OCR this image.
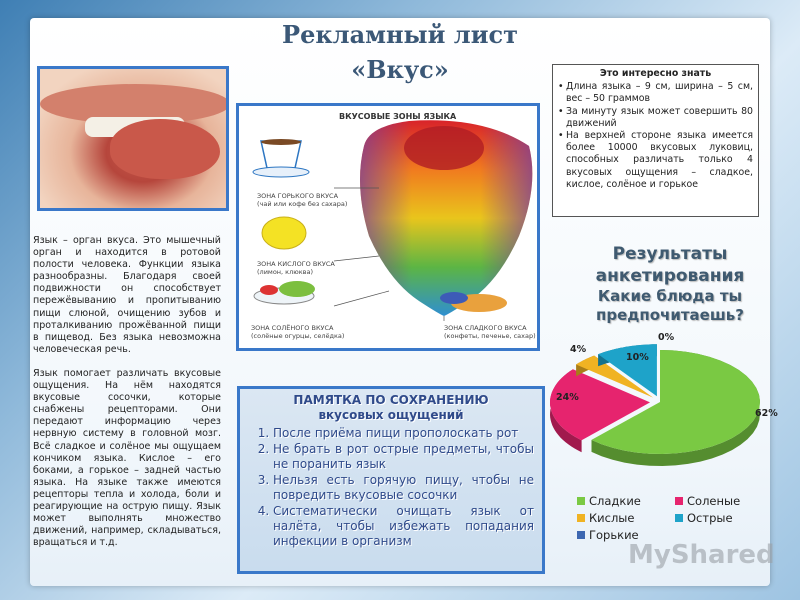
Рекламный лист
«Вкус»

Язык – орган вкуса. Это мышечный орган и находится в ротовой полости человека. Функции языка разнообразны. Благодаря своей подвижности он способствует пережёвыванию и пропитыванию пищи слюной, очищению зубов и проталкиванию прожёванной пищи в пищевод. Без языка невозможна человеческая речь.

Язык помогает различать вкусовые ощущения. На нём находятся вкусовые сосочки, которые снабжены рецепторами. Они передают информацию через нервную систему в головной мозг. Всё сладкое и солёное мы ощущаем кончиком языка. Кислое – его боками, а горькое – задней частью языка. На языке также имеются рецепторы тепла и холода, боли и реагирующие на острую пищу. Язык может выполнять множество движений, например, складываться, вращаться и т.д.

ВКУСОВЫЕ ЗОНЫ ЯЗЫКА
ЗОНА ГОРЬКОГО ВКУСА
(чай или кофе без сахара)
ЗОНА КИСЛОГО ВКУСА
(лимон, клюква)
ЗОНА СОЛЁНОГО ВКУСА
(солёные огурцы, селёдка)
ЗОНА СЛАДКОГО ВКУСА
(конфеты, печенье, сахар)
Это интересно знать

• Длина языка – 9 см, ширина – 5 см, вес – 50 граммов

• За минуту язык может совершить 80 движений

• На верхней стороне языка имеется более 10000 вкусовых луковиц, способных различать только 4 вкусовых ощущения – сладкое, кислое, солёное и горькое

ПАМЯТКА ПО СОХРАНЕНИЮ
вкусовых ощущений
1. После приёма пищи прополоскать рот
2. Не брать в рот острые предметы, чтобы не поранить язык
3. Нельзя есть горячую пищу, чтобы не повредить вкусовые сосочки
4. Систематически очищать язык от налёта, чтобы избежать попадания инфекции в организм
Результаты
анкетирования
Какие блюда ты
предпочитаешь?
62%
24%
4%
10%
0%
Сладкие	Соленые
Кислые	Острые
Горькие
MyShared
